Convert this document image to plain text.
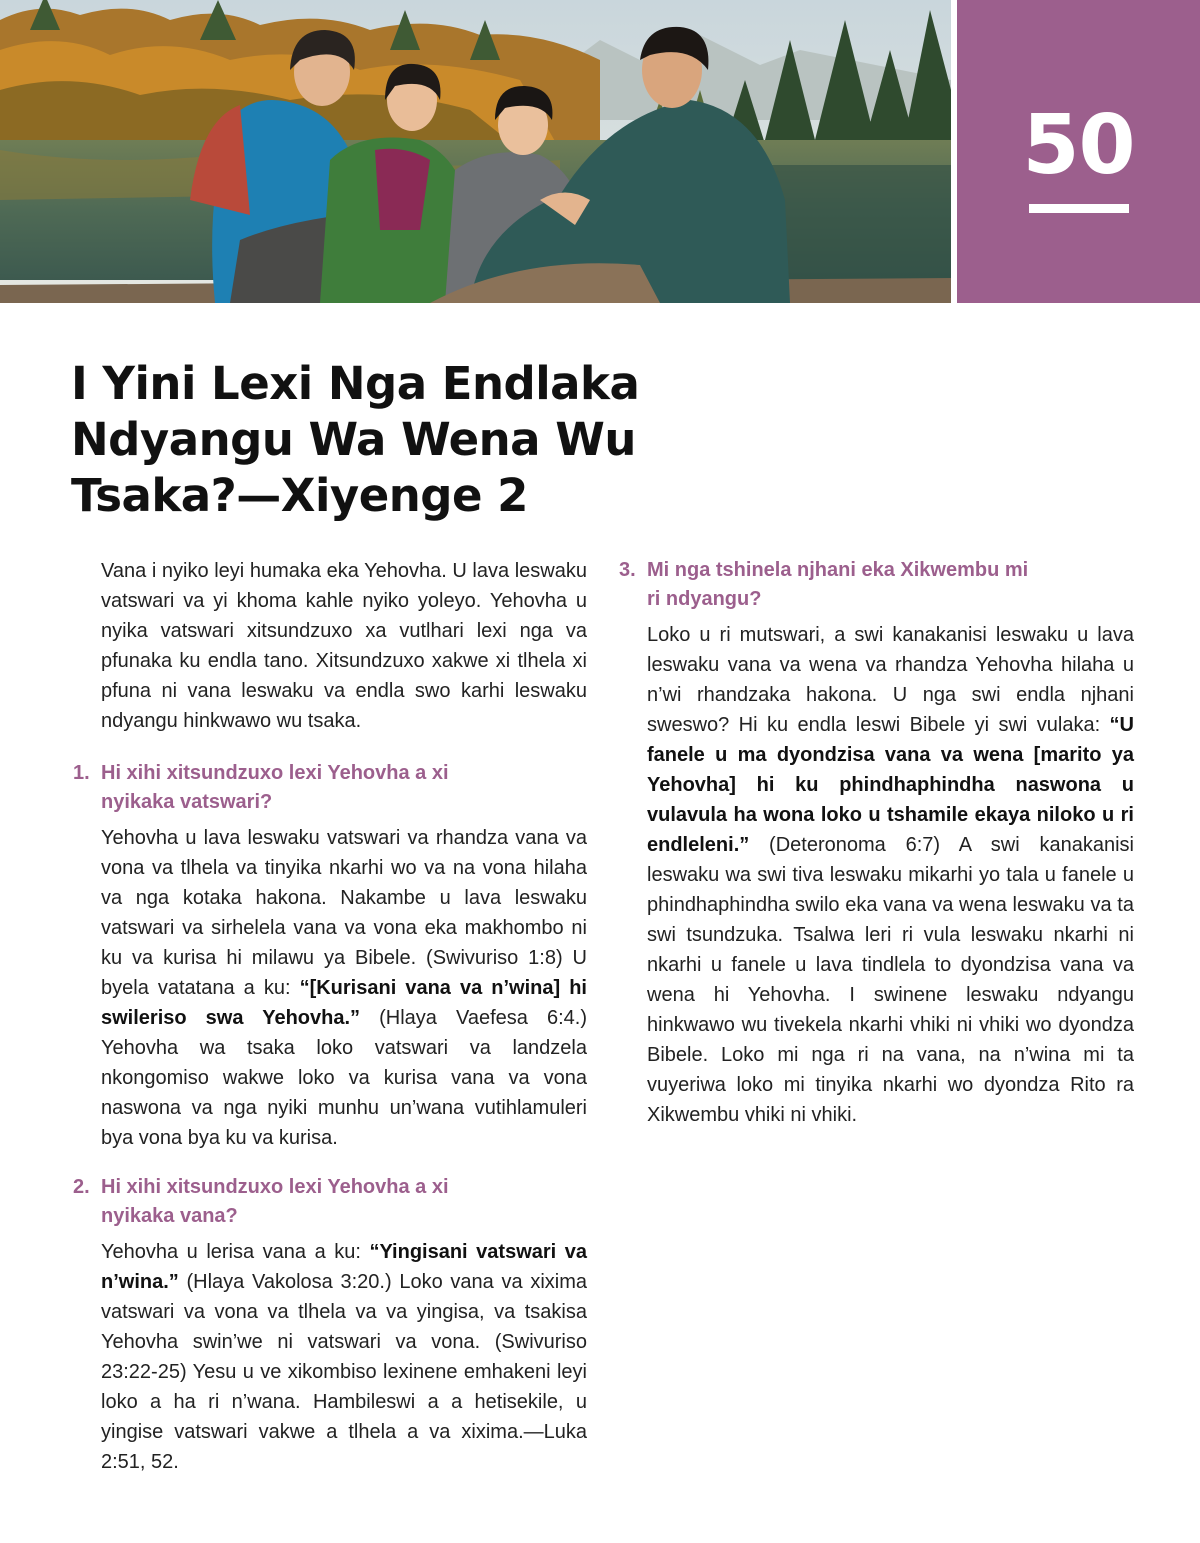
50
I Yini Lexi Nga Endlaka Ndyangu Wa Wena Wu Tsaka?—Xiyenge 2

Vana i nyiko leyi humaka eka Yehovha. U lava leswaku vatswari va yi khoma kahle nyiko yoleyo. Yehovha u nyika vatswari xitsundzuxo xa vutlhari lexi nga va pfunaka ku endla tano. Xitsundzuxo xakwe xi tlhela xi pfuna ni vana leswaku va endla swo karhi leswaku ndyangu hinkwawo wu tsaka.

1. Hi xihi xitsundzuxo lexi Yehovha a xi nyikaka vatswari?

Yehovha u lava leswaku vatswari va rhandza vana va vona va tlhela va tinyika nkarhi wo va na vona hilaha va nga kotaka hakona. Nakambe u lava leswaku vatswari va sirhelela vana va vona eka makhombo ni ku va kurisa hi milawu ya Bibele. (Swivuriso 1:8) U byela vatatana a ku: “[Kurisani vana va n’wina] hi swileriso swa Yehovha.” (Hlaya Vaefesa 6:4.) Yehovha wa tsaka loko vatswari va landzela nkongomiso wakwe loko va kurisa vana va vona naswona va nga nyiki munhu un’wana vutihlamuleri bya vona bya ku va kurisa.

2. Hi xihi xitsundzuxo lexi Yehovha a xi nyikaka vana?

Yehovha u lerisa vana a ku: “Yingisani vatswari va n’wina.” (Hlaya Vakolosa 3:20.) Loko vana va xixima vatswari va vona va tlhela va va yingisa, va tsakisa Yehovha swin’we ni vatswari va vona. (Swivuriso 23:22-25) Yesu u ve xikombiso lexinene emhakeni leyi loko a ha ri n’wana. Hambileswi a a hetisekile, u yingise vatswari vakwe a tlhela a va xixima.—Luka 2:51, 52.

3. Mi nga tshinela njhani eka Xikwembu mi ri ndyangu?

Loko u ri mutswari, a swi kanakanisi leswaku u lava leswaku vana va wena va rhandza Yehovha hilaha u n’wi rhandzaka hakona. U nga swi endla njhani sweswo? Hi ku endla leswi Bibele yi swi vulaka: “U fanele u ma dyondzisa vana va wena [marito ya Yehovha] hi ku phindhaphindha naswona u vulavula ha wona loko u tshamile ekaya niloko u ri endleleni.” (Deteronoma 6:7) A swi kanakanisi leswaku wa swi tiva leswaku mikarhi yo tala u fanele u phindhaphindha swilo eka vana va wena leswaku va ta swi tsundzuka. Tsalwa leri ri vula leswaku nkarhi ni nkarhi u fanele u lava tindlela to dyondzisa vana va wena hi Yehovha. I swinene leswaku ndyangu hinkwawo wu tivekela nkarhi vhiki ni vhiki wo dyondza Bibele. Loko mi nga ri na vana, na n’wina mi ta vuyeriwa loko mi tinyika nkarhi wo dyondza Rito ra Xikwembu vhiki ni vhiki.
